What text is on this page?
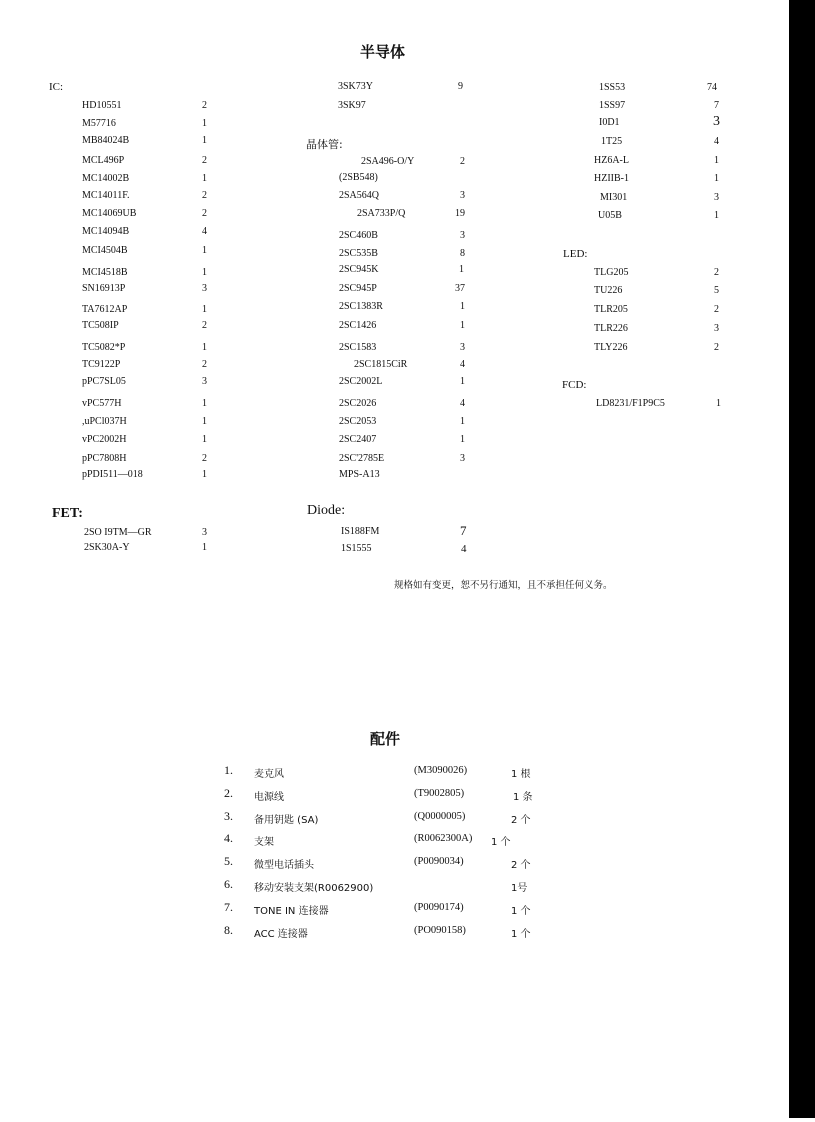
半导体
IC:
HD10551	2
M57716	1
MB84024B	1
MCL496P	2
MC14002B	1
MC14011F.	2
MC14069UB	2
MC14094B	4
MCI4504B	1
MCI4518B	1
SN16913P	3
TA7612AP	1
TC508IP	2
TC5082*P	1
TC9122P	2
pPC7SL05	3
vPC577H	1
,uPCl037H	1
vPC2002H	1
pPC7808H	2
pPDI511—018	1
FET:
2SO I9TM—GR	3
2SK30A-Y	1
3SK73Y	9
3SK97
晶体管:
2SA496-O/Y	2
(2SB548)
2SA564Q	3
2SA733P/Q	19
2SC460B	3
2SC535B	8
2SC945K	1
2SC945P	37
2SC1383R	1
2SC1426	1
2SC1583	3
2SC1815CiR	4
2SC2002L	1
2SC2026	4
2SC2053	1
2SC2407	1
2SC'2785E	3
MPS-A13
Diode:
IS188FM	7
1S1555	4
1SS53	74
1SS97	7
I0D1	3
1T25	4
HZ6A-L	1
HZIIB-1	1
MI301	3
U05B	1
LED:
TLG205	2
TU226	5
TLR205	2
TLR226	3
TLY226	2
FCD:
LD8231/F1P9C5	1
规格如有变更，恕不另行通知，且不承担任何义务。
配件
1. 麦克风	(M3090026)	1 根
2. 电源线	(T9002805)	1 条
3. 备用钥匙 (SA)	(Q0000005)	2 个
4. 支架	(R0062300A) 1 个
5. 微型电话插头	(P0090034)	2 个
6. 移动安装支架(R0062900)	1号
7. TONE IN 连接器	(P0090174)	1 个
8. ACC 连接器	(PO090158)	1 个
